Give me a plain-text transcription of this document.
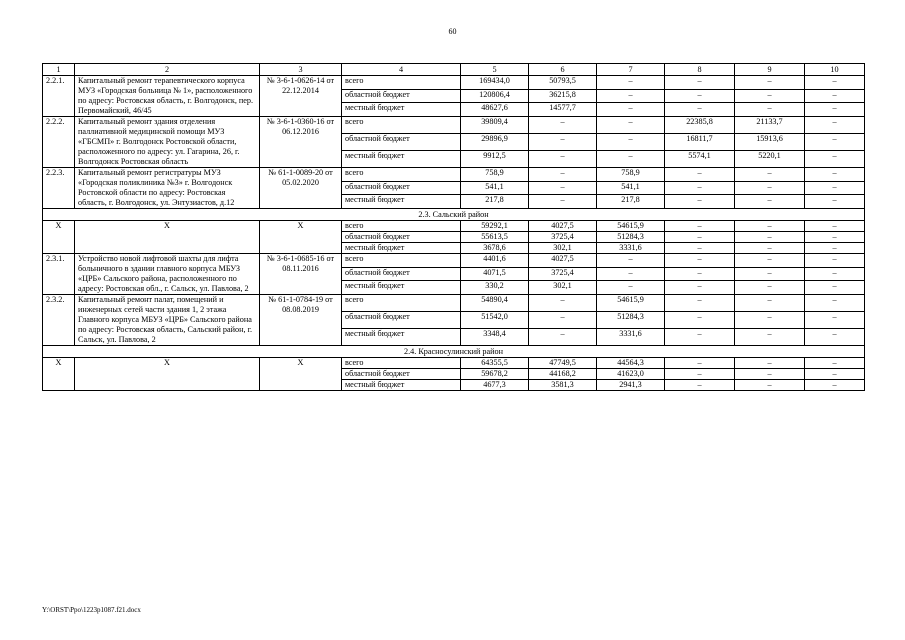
60
1	2	3	4	5	6	7	8	9	10
2.2.1.	Капитальный ремонт терапевтического корпуса МУЗ «Городская больница № 1», расположенного по адресу: Ростовская область, г. Волгодонск, пер. Первомайский, 46/45	№ 3-6-1-0626-14 от 22.12.2014	всего	169434,0	50793,5	–	–	–	–
			областной бюджет	120806,4	36215,8	–	–	–	–
			местный бюджет	48627,6	14577,7	–	–	–	–
2.2.2.	Капитальный ремонт здания отделения паллиативной медицинской помощи МУЗ «ГБСМП» г. Волгодонск Ростовской области, расположенного по адресу: ул. Гагарина, 26, г. Волгодонск Ростовская область	№ 3-6-1-0360-16 от 06.12.2016	всего	39809,4	–	–	22385,8	21133,7	–
			областной бюджет	29896,9	–	–	16811,7	15913,6	–
			местный бюджет	9912,5	–	–	5574,1	5220,1	–
2.2.3.	Капитальный ремонт регистратуры МУЗ «Городская поликлиника №3» г. Волгодонск Ростовской области по адресу: Ростовская область, г. Волгодонск, ул. Энтузиастов, д.12	№ 61-1-0089-20 от 05.02.2020	всего	758,9	–	758,9	–	–	–
			областной бюджет	541,1	–	541,1	–	–	–
			местный бюджет	217,8	–	217,8	–	–	–
2.3. Сальский район									
X	X	X	всего	59292,1	4027,5	54615,9	–	–	–
			областной бюджет	55613,5	3725,4	51284,3	–	–	–
			местный бюджет	3678,6	302,1	3331,6	–	–	–
2.3.1.	Устройство новой лифтовой шахты для лифта больничного в здании главного корпуса МБУЗ «ЦРБ» Сальского района, расположенного по адресу: Ростовская обл., г. Сальск, ул. Павлова, 2	№ 3-6-1-0685-16 от 08.11.2016	всего	4401,6	4027,5	–	–	–	–
			областной бюджет	4071,5	3725,4	–	–	–	–
			местный бюджет	330,2	302,1	–	–	–	–
2.3.2.	Капитальный ремонт палат, помещений и инженерных сетей части здания 1, 2 этажа Главного корпуса МБУЗ «ЦРБ» Сальского района по адресу: Ростовская область, Сальский район, г. Сальск, ул. Павлова, 2	№ 61-1-0784-19 от 08.08.2019	всего	54890,4	–	54615,9	–	–	–
			областной бюджет	51542,0	–	51284,3	–	–	–
			местный бюджет	3348,4	–	3331,6	–	–	–
2.4. Красносулинский район									
X	X	X	всего	64355,5	47749,5	44564,3	–	–	–
			областной бюджет	59678,2	44168,2	41623,0	–	–	–
			местный бюджет	4677,3	3581,3	2941,3	–	–	–
Y:\ORST\Ppo\1223p1087.f21.docx
